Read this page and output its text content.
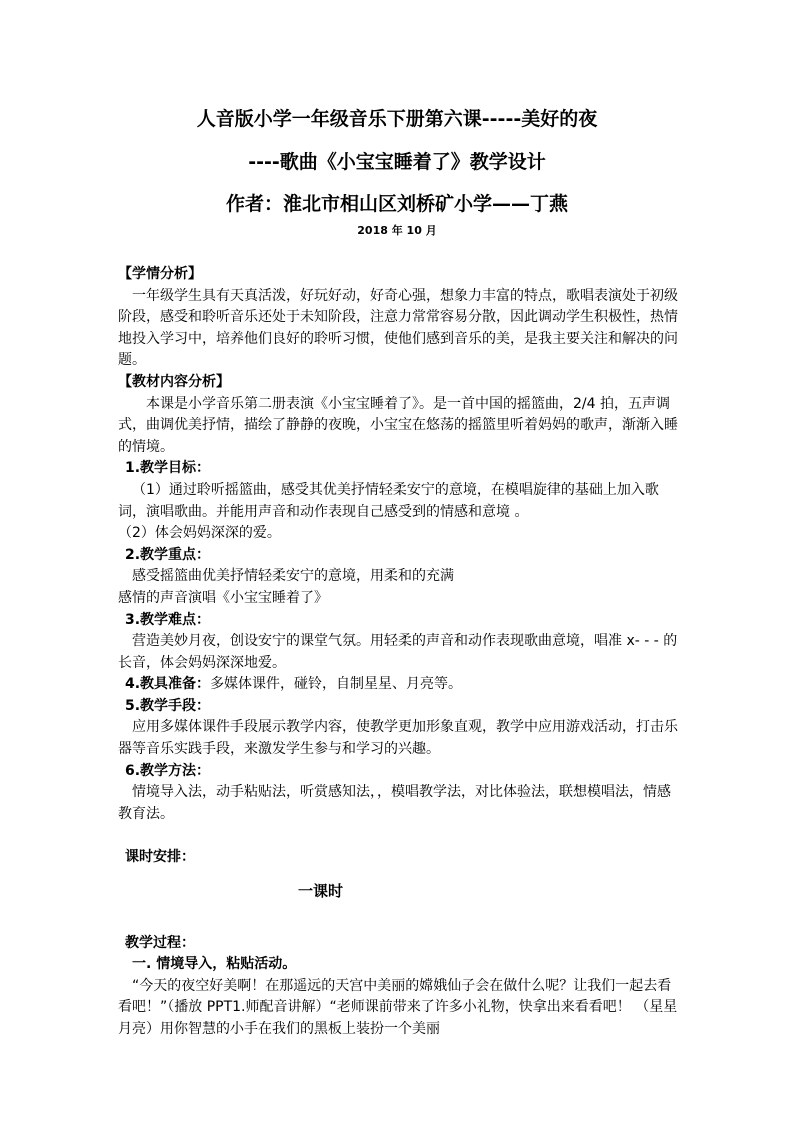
人音版小学一年级音乐下册第六课-----美好的夜
----歌曲《小宝宝睡着了》教学设计
作者：淮北市相山区刘桥矿小学——丁燕
2018 年 10 月

【学情分析】

一年级学生具有天真活泼，好玩好动，好奇心强，想象力丰富的特点，歌唱表演处于初级阶段，感受和聆听音乐还处于未知阶段，注意力常常容易分散，因此调动学生积极性，热情地投入学习中，培养他们良好的聆听习惯，使他们感到音乐的美，是我主要关注和解决的问题。

【教材内容分析】

本课是小学音乐第二册表演《小宝宝睡着了》。是一首中国的摇篮曲，2/4 拍，五声调式，曲调优美抒情，描绘了静静的夜晚，小宝宝在悠荡的摇篮里听着妈妈的歌声，渐渐入睡的情境。

1.教学目标：

（1）通过聆听摇篮曲，感受其优美抒情轻柔安宁的意境，在模唱旋律的基础上加入歌词，演唱歌曲。并能用声音和动作表现自己感受到的情感和意境 。

（2）体会妈妈深深的爱。

2.教学重点：

感受摇篮曲优美抒情轻柔安宁的意境，用柔和的充满

感情的声音演唱《小宝宝睡着了》

3.教学难点：

营造美妙月夜，创设安宁的课堂气氛。用轻柔的声音和动作表现歌曲意境，唱准 x- - - 的长音，体会妈妈深深地爱。

4.教具准备：多媒体课件，碰铃，自制星星、月亮等。

5.教学手段：

应用多媒体课件手段展示教学内容，使教学更加形象直观，教学中应用游戏活动，打击乐器等音乐实践手段，来激发学生参与和学习的兴趣。

6.教学方法：

情境导入法，动手粘贴法，听赏感知法，，模唱教学法，对比体验法，联想模唱法，情感教育法。

课时安排：

一课时

教学过程：

一. 情境导入，粘贴活动。

“今天的夜空好美啊！在那遥远的天宫中美丽的嫦娥仙子会在做什么呢？让我们一起去看看吧！”（播放 PPT1.师配音讲解）“老师课前带来了许多小礼物，快拿出来看看吧！ （星星月亮）用你智慧的小手在我们的黑板上装扮一个美丽
